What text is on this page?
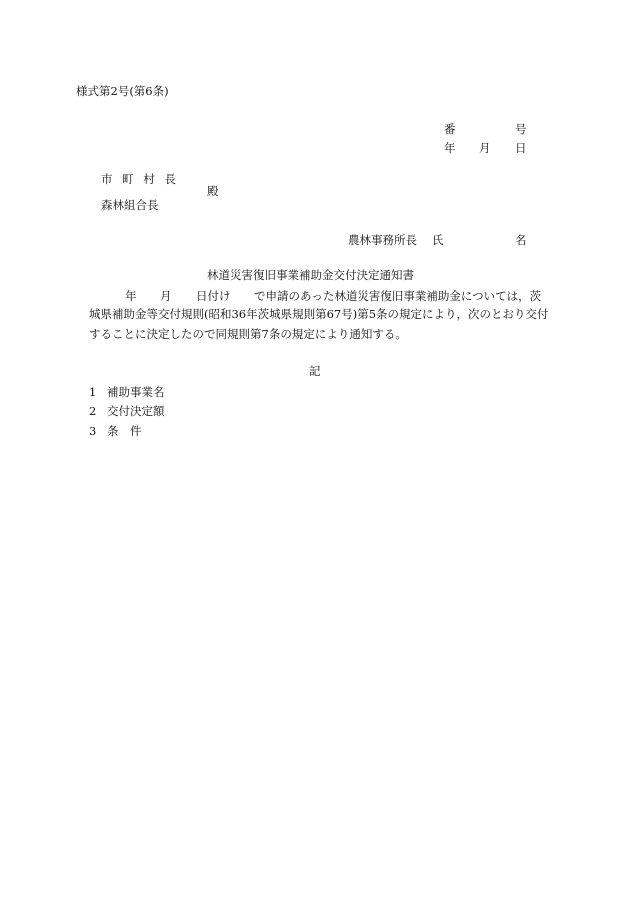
様式第2号(第6条)
番	号
年 月 日
市 町 村 長
殿
森林組合長
農林事務所長 氏	名
林道災害復旧事業補助金交付決定通知書
年 月 日付け で申請のあった林道災害復旧事業補助金については，茨
城県補助金等交付規則(昭和36年茨城県規則第67号)第5条の規定により，次のとおり交付
することに決定したので同規則第7条の規定により通知する。
記
1 補助事業名
2 交付決定額
3 条　件
